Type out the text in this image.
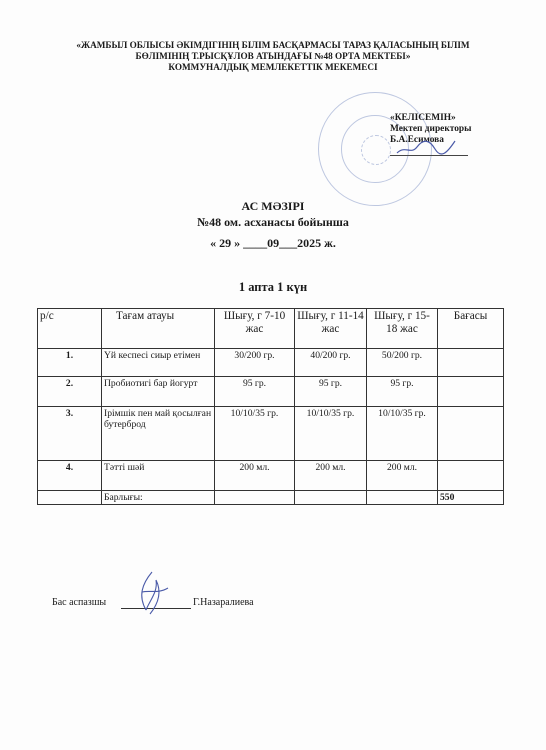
«ЖАМБЫЛ ОБЛЫСЫ ӘКІМДІГІНІҢ БІЛІМ БАСҚАРМАСЫ ТАРАЗ ҚАЛАСЫНЫҢ БІЛІМ
БӨЛІМІНІҢ Т.РЫСҚҰЛОВ АТЫНДАҒЫ №48 ОРТА МЕКТЕБІ»
КОММУНАЛДЫҚ МЕМЛЕКЕТТІК МЕКЕМЕСІ
«КЕЛІСЕМІН»
Мектеп директоры
Б.А.Есимова
АС МӘЗІРІ
№48 ом. асханасы бойынша
« 29 » ____09___2025 ж.
1 апта 1 күн
р/с	Тағам атауы	Шығу, г 7-10 жас	Шығу, г 11-14 жас	Шығу, г 15-18 жас	Бағасы
1.	Үй кеспесі сиыр етімен	30/200 гр.	40/200 гр.	50/200 гр.	
2.	Пробиотигі бар йогурт	95 гр.	95 гр.	95 гр.	
3.	Ірімшік пен май қосылған бутерброд	10/10/35 гр.	10/10/35 гр.	10/10/35 гр.	
4.	Тәтті шәй	200 мл.	200 мл.	200 мл.	
	Барлығы:				550
Бас аспазшы	Г.Назаралиева
